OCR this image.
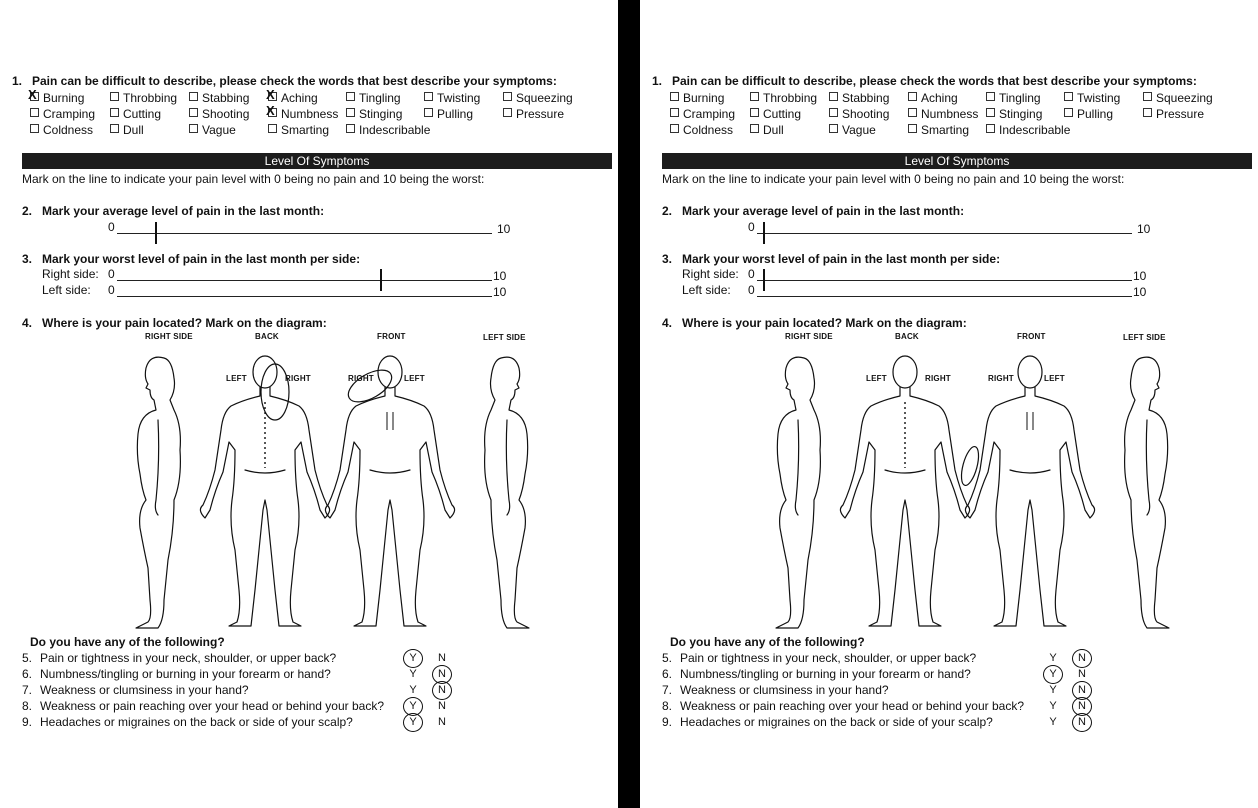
1. Pain can be difficult to describe, please check the words that best describe your symptoms:
XBurning	Throbbing	Stabbing X	Aching	Tingling	Twisting	Squeezing
Cramping	Cutting	Shooting X	Numbness	Stinging	Pulling	Pressure
Coldness	Dull	Vague	Smarting	Indescribable
Level Of Symptoms
Mark on the line to indicate your pain level with 0 being no pain and 10 being the worst:
2. Mark your average level of pain in the last month:
0	10
3. Mark your worst level of pain in the last month per side:
Right side: 0	10
Left side: 0	10
4. Where is your pain located? Mark on the diagram:
RIGHT SIDE	BACK	FRONT	LEFT SIDE
LEFT	RIGHT	RIGHT	LEFT
Do you have any of the following?
5. Pain or tightness in your neck, shoulder, or upper back?	Y	N
6. Numbness/tingling or burning in your forearm or hand?	Y	N
7. Weakness or clumsiness in your hand?	Y	N
8. Weakness or pain reaching over your head or behind your back?	Y	N
9. Headaches or migraines on the back or side of your scalp?	Y	N
1. Pain can be difficult to describe, please check the words that best describe your symptoms:
Burning	Throbbing	Stabbing	Aching	Tingling	Twisting	Squeezing
Cramping	Cutting	Shooting	Numbness	Stinging	Pulling	Pressure
Coldness	Dull	Vague	Smarting	Indescribable
Level Of Symptoms
Mark on the line to indicate your pain level with 0 being no pain and 10 being the worst:
2. Mark your average level of pain in the last month:
0	10
3. Mark your worst level of pain in the last month per side:
Right side: 0	10
Left side: 0	10
4. Where is your pain located? Mark on the diagram:
RIGHT SIDE	BACK	FRONT	LEFT SIDE
LEFT	RIGHT	RIGHT	LEFT
Do you have any of the following?
5. Pain or tightness in your neck, shoulder, or upper back?	Y	N
6. Numbness/tingling or burning in your forearm or hand?	Y	N
7. Weakness or clumsiness in your hand?	Y	N
8. Weakness or pain reaching over your head or behind your back?	Y	N
9. Headaches or migraines on the back or side of your scalp?	Y	N
